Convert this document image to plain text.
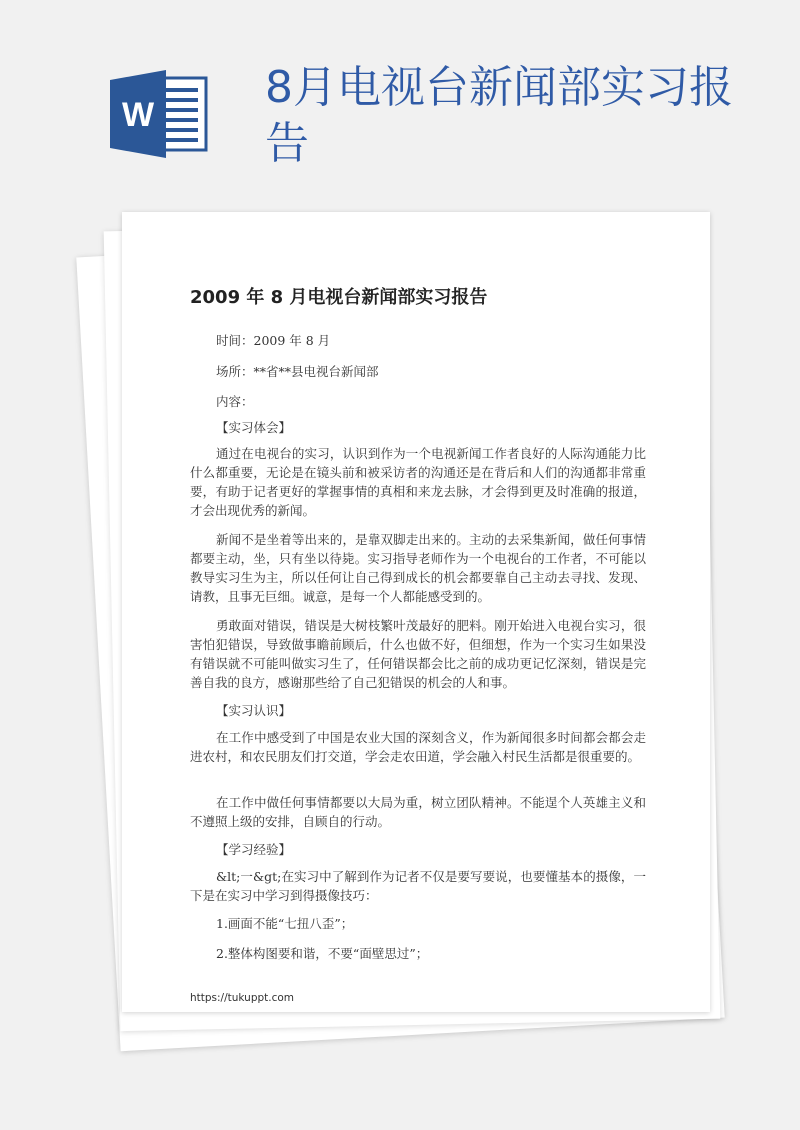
W
8月电视台新闻部实习报告
2009 年 8 月电视台新闻部实习报告

时间：2009 年 8 月

场所：**省**县电视台新闻部

内容：

【实习体会】

通过在电视台的实习，认识到作为一个电视新闻工作者良好的人际沟通能力比什么都重要，无论是在镜头前和被采访者的沟通还是在背后和人们的沟通都非常重要，有助于记者更好的掌握事情的真相和来龙去脉，才会得到更及时准确的报道，才会出现优秀的新闻。

新闻不是坐着等出来的，是靠双脚走出来的。主动的去采集新闻，做任何事情都要主动，坐，只有坐以待毙。实习指导老师作为一个电视台的工作者，不可能以教导实习生为主，所以任何让自己得到成长的机会都要靠自己主动去寻找、发现、请教，且事无巨细。诚意，是每一个人都能感受到的。

勇敢面对错误，错误是大树枝繁叶茂最好的肥料。刚开始进入电视台实习，很害怕犯错误，导致做事瞻前顾后，什么也做不好，但细想，作为一个实习生如果没有错误就不可能叫做实习生了，任何错误都会比之前的成功更记忆深刻，错误是完善自我的良方，感谢那些给了自己犯错误的机会的人和事。

【实习认识】

在工作中感受到了中国是农业大国的深刻含义，作为新闻很多时间都会都会走进农村，和农民朋友们打交道，学会走农田道，学会融入村民生活都是很重要的。

在工作中做任何事情都要以大局为重，树立团队精神。不能逞个人英雄主义和不遵照上级的安排，自顾自的行动。

【学习经验】

&lt;一&gt;在实习中了解到作为记者不仅是要写要说，也要懂基本的摄像，一下是在实习中学习到得摄像技巧：

1.画面不能“七扭八歪”；

2.整体构图要和谐，不要“面壁思过”；

https://tukuppt.com
